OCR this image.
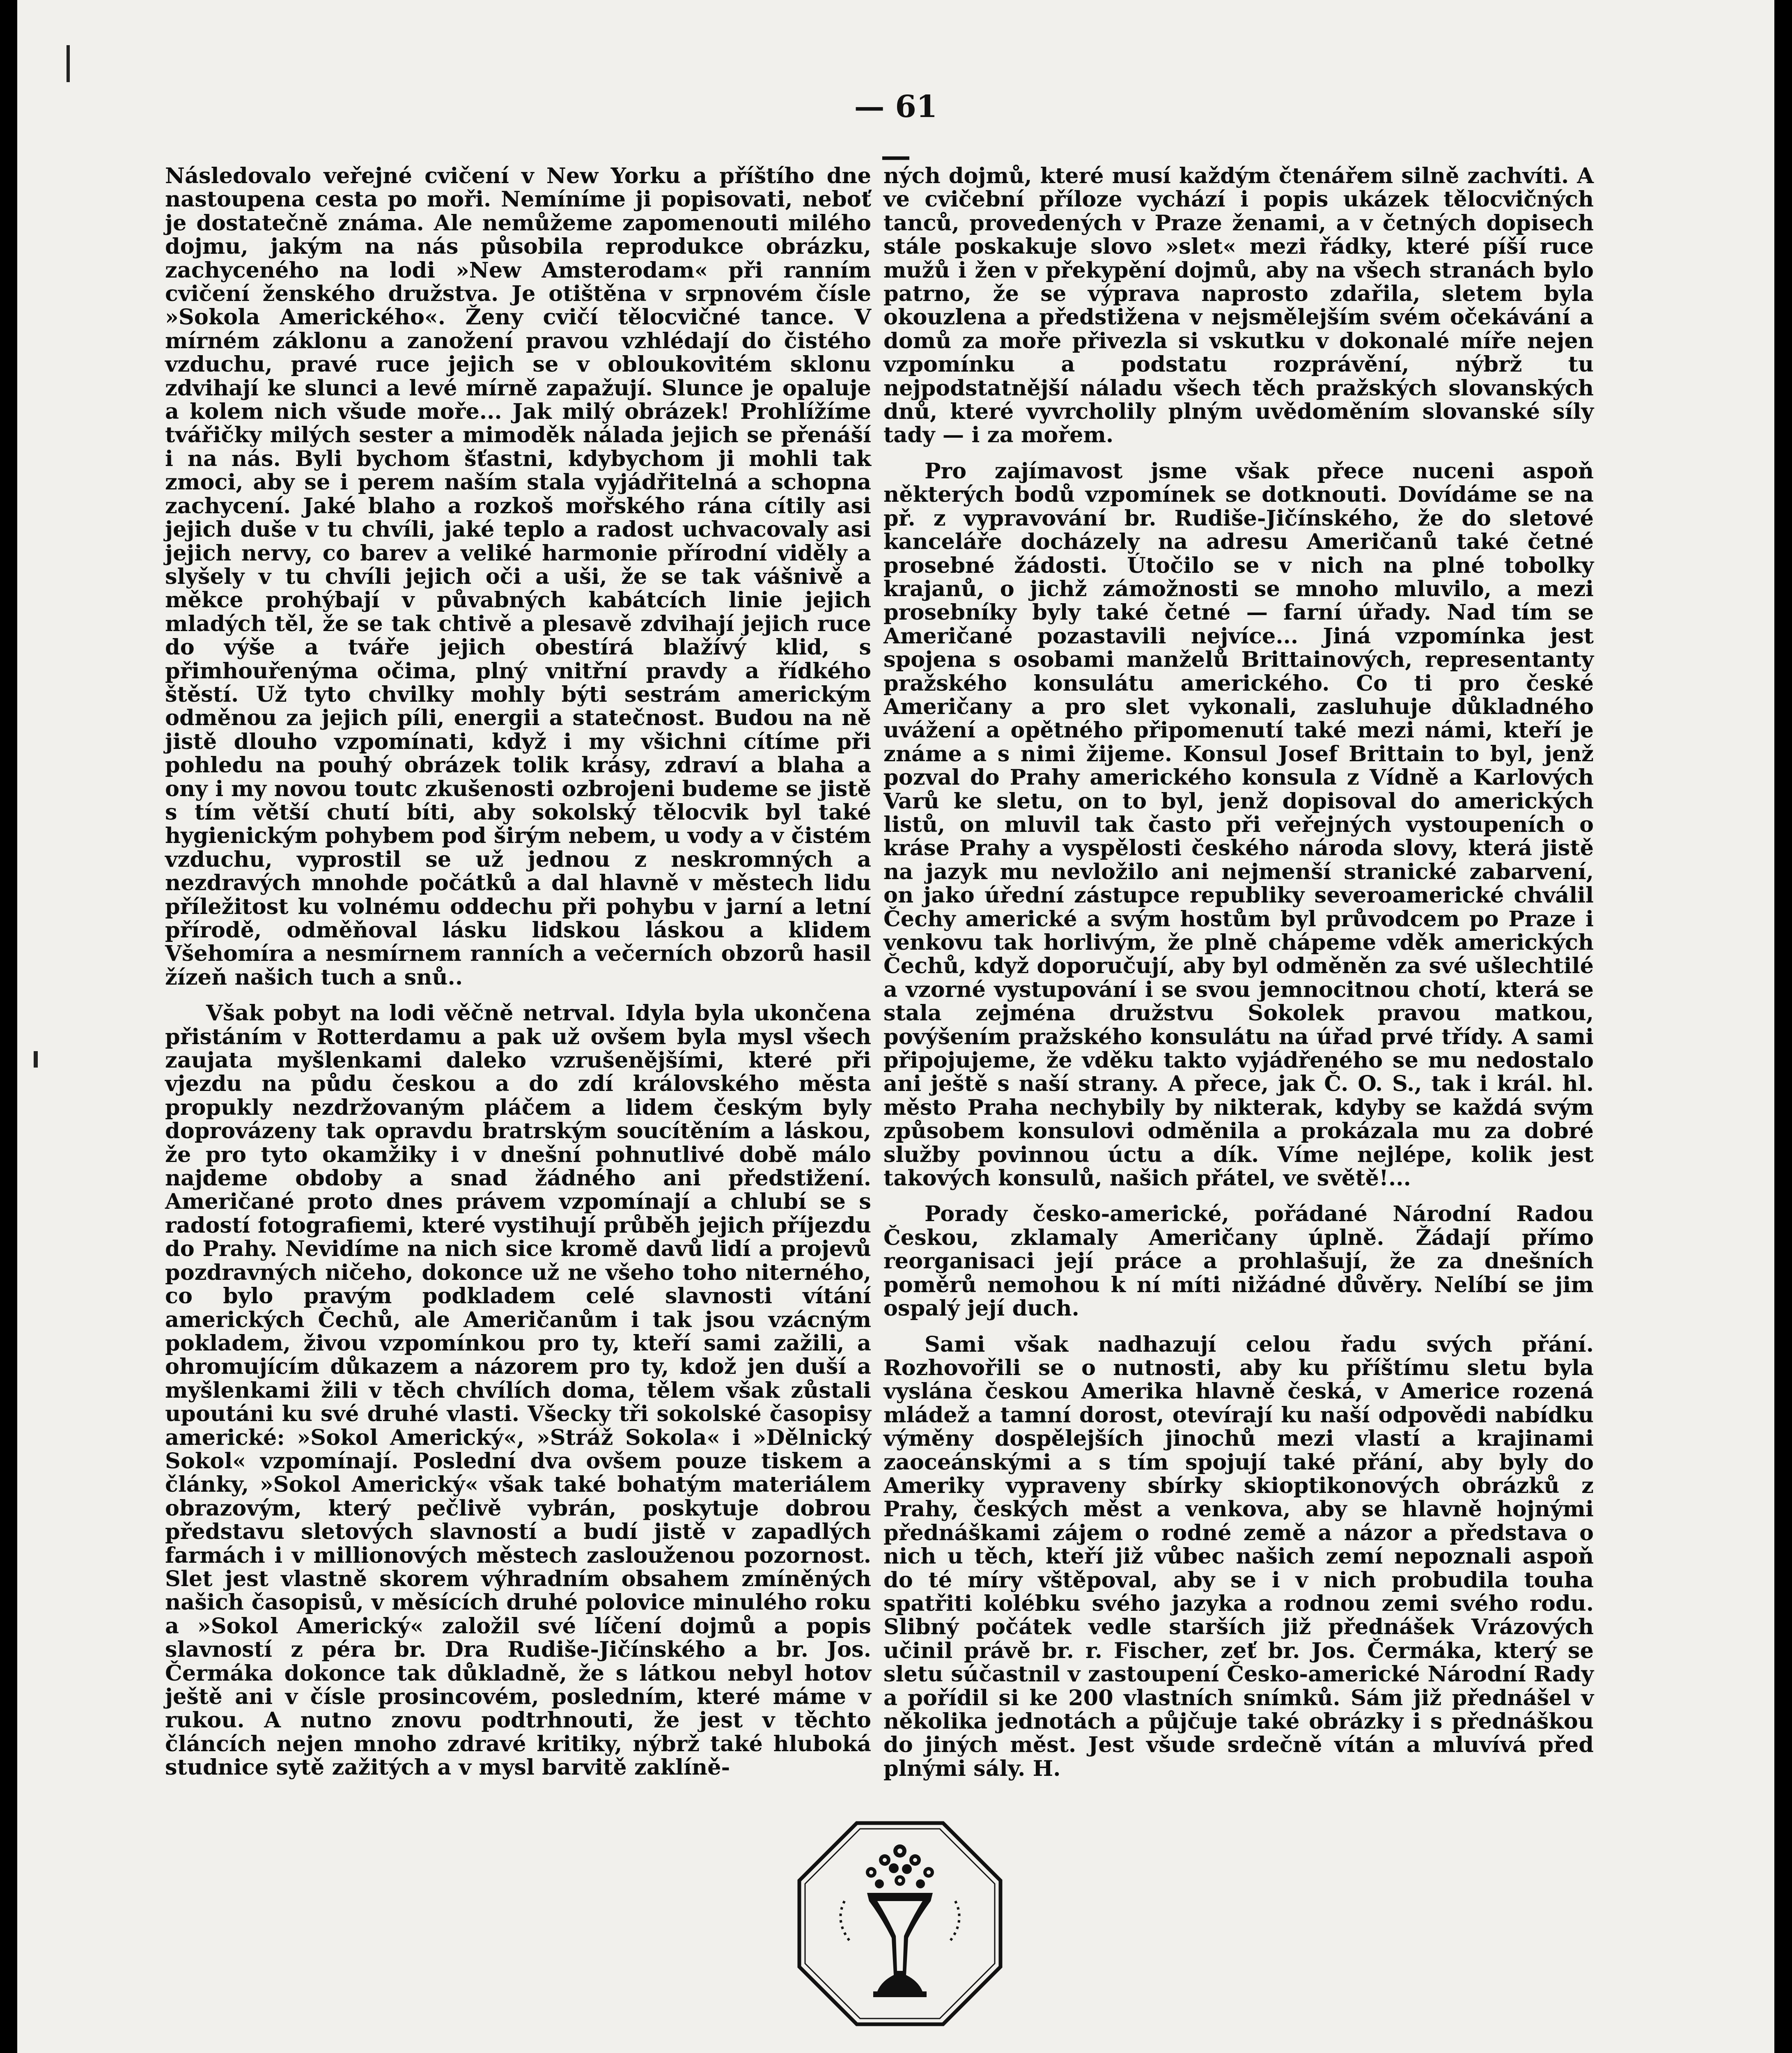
— 61 —

Následovalo veřejné cvičení v New Yorku a příštího dne nastoupena cesta po moři. Nemíníme ji popisovati, neboť je dostatečně známa. Ale nemůžeme zapomenouti milého dojmu, jakým na nás působila reprodukce obrázku, zachyceného na lodi »New Amsterodam« při ranním cvičení ženského družstva. Je otištěna v srpnovém čísle »Sokola Amerického«. Ženy cvičí tělocvičné tance. V mírném záklonu a zanožení pravou vzhlédají do čistého vzduchu, pravé ruce jejich se v obloukovitém sklonu zdvihají ke slunci a levé mírně zapažují. Slunce je opaluje a kolem nich všude moře... Jak milý obrázek! Prohlížíme tvářičky milých sester a mimoděk nálada jejich se přenáší i na nás. Byli bychom šťastni, kdybychom ji mohli tak zmoci, aby se i perem naším stala vyjádřitelná a schopna zachycení. Jaké blaho a rozkoš mořského rána cítily asi jejich duše v tu chvíli, jaké teplo a radost uchvacovaly asi jejich nervy, co barev a veliké harmonie přírodní viděly a slyšely v tu chvíli jejich oči a uši, že se tak vášnivě a měkce prohýbají v půvabných kabátcích linie jejich mladých těl, že se tak chtivě a plesavě zdvihají jejich ruce do výše a tváře jejich obestírá blažívý klid, s přimhouřenýma očima, plný vnitřní pravdy a řídkého štěstí. Už tyto chvilky mohly býti sestrám americkým odměnou za jejich píli, energii a statečnost. Budou na ně jistě dlouho vzpomínati, když i my všichni cítíme při pohledu na pouhý obrázek tolik krásy, zdraví a blaha a ony i my novou toutc zkušenosti ozbrojeni budeme se jistě s tím větší chutí bíti, aby sokolský tělocvik byl také hygienickým pohybem pod širým nebem, u vody a v čistém vzduchu, vyprostil se už jednou z neskromných a nezdravých mnohde počátků a dal hlavně v městech lidu příležitost ku volnému oddechu při pohybu v jarní a letní přírodě, odměňoval lásku lidskou láskou a klidem Všehomíra a nesmírnem ranních a večerních obzorů hasil žízeň našich tuch a snů..

Však pobyt na lodi věčně netrval. Idyla byla ukončena přistáním v Rotterdamu a pak už ovšem byla mysl všech zaujata myšlenkami daleko vzrušenějšími, které při vjezdu na půdu českou a do zdí královského města propukly nezdržovaným pláčem a lidem českým byly doprovázeny tak opravdu bratrským soucítěním a láskou, že pro tyto okamžiky i v dnešní pohnutlivé době málo najdeme obdoby a snad žádného ani předstižení. Američané proto dnes právem vzpomínají a chlubí se s radostí fotografiemi, které vystihují průběh jejich příjezdu do Prahy. Nevidíme na nich sice kromě davů lidí a projevů pozdravných ničeho, dokonce už ne všeho toho niterného, co bylo pravým podkladem celé slavnosti vítání amerických Čechů, ale Američanům i tak jsou vzácným pokladem, živou vzpomínkou pro ty, kteří sami zažili, a ohromujícím důkazem a názorem pro ty, kdož jen duší a myšlenkami žili v těch chvílích doma, tělem však zůstali upoutáni ku své druhé vlasti. Všecky tři sokolské časopisy americké: »Sokol Americký«, »Stráž Sokola« i »Dělnický Sokol« vzpomínají. Poslední dva ovšem pouze tiskem a články, »Sokol Americký« však také bohatým materiálem obrazovým, který pečlivě vybrán, poskytuje dobrou představu sletových slavností a budí jistě v zapadlých farmách i v millionových městech zaslouženou pozornost. Slet jest vlastně skorem výhradním obsahem zmíněných našich časopisů, v měsících druhé polovice minulého roku a »Sokol Americký« založil své líčení dojmů a popis slavností z péra br. Dra Rudiše-Jičínského a br. Jos. Čermáka dokonce tak důkladně, že s látkou nebyl hotov ještě ani v čísle prosincovém, posledním, které máme v rukou. A nutno znovu podtrhnouti, že jest v těchto článcích nejen mnoho zdravé kritiky, nýbrž také hluboká studnice sytě zažitých a v mysl barvitě zaklíně-

ných dojmů, které musí každým čtenářem silně zachvíti. A ve cvičební příloze vychází i popis ukázek tělocvičných tanců, provedených v Praze ženami, a v četných dopisech stále poskakuje slovo »slet« mezi řádky, které píší ruce mužů i žen v překypění dojmů, aby na všech stranách bylo patrno, že se výprava naprosto zdařila, sletem byla okouzlena a předstižena v nejsmělejším svém očekávání a domů za moře přivezla si vskutku v dokonalé míře nejen vzpomínku a podstatu rozprávění, nýbrž tu nejpodstatnější náladu všech těch pražských slovanských dnů, které vyvrcholily plným uvědoměním slovanské síly tady — i za mořem.

Pro zajímavost jsme však přece nuceni aspoň některých bodů vzpomínek se dotknouti. Dovídáme se na př. z vypravování br. Rudiše-Jičínského, že do sletové kanceláře docházely na adresu Američanů také četné prosebné žádosti. Útočilo se v nich na plné tobolky krajanů, o jichž zámožnosti se mnoho mluvilo, a mezi prosebníky byly také četné — farní úřady. Nad tím se Američané pozastavili nejvíce... Jiná vzpomínka jest spojena s osobami manželů Brittainových, representanty pražského konsulátu amerického. Co ti pro české Američany a pro slet vykonali, zasluhuje důkladného uvážení a opětného připomenutí také mezi námi, kteří je známe a s nimi žijeme. Konsul Josef Brittain to byl, jenž pozval do Prahy amerického konsula z Vídně a Karlových Varů ke sletu, on to byl, jenž dopisoval do amerických listů, on mluvil tak často při veřejných vystoupeních o kráse Prahy a vyspělosti českého národa slovy, která jistě na jazyk mu nevložilo ani nejmenší stranické zabarvení, on jako úřední zástupce republiky severoamerické chválil Čechy americké a svým hostům byl průvodcem po Praze i venkovu tak horlivým, že plně chápeme vděk amerických Čechů, když doporučují, aby byl odměněn za své ušlechtilé a vzorné vystupování i se svou jemnocitnou chotí, která se stala zejména družstvu Sokolek pravou matkou, povýšením pražského konsulátu na úřad prvé třídy. A sami připojujeme, že vděku takto vyjádřeného se mu nedostalo ani ještě s naší strany. A přece, jak Č. O. S., tak i král. hl. město Praha nechybily by nikterak, kdyby se každá svým způsobem konsulovi odměnila a prokázala mu za dobré služby povinnou úctu a dík. Víme nejlépe, kolik jest takových konsulů, našich přátel, ve světě!...

Porady česko-americké, pořádané Národní Radou Českou, zklamaly Američany úplně. Žádají přímo reorganisaci její práce a prohlašují, že za dnešních poměrů nemohou k ní míti nižádné důvěry. Nelíbí se jim ospalý její duch.

Sami však nadhazují celou řadu svých přání. Rozhovořili se o nutnosti, aby ku příštímu sletu byla vyslána českou Amerika hlavně česká, v Americe rozená mládež a tamní dorost, otevírají ku naší odpovědi nabídku výměny dospělejších jinochů mezi vlastí a krajinami zaoceánskými a s tím spojují také přání, aby byly do Ameriky vypraveny sbírky skioptikonových obrázků z Prahy, českých měst a venkova, aby se hlavně hojnými přednáškami zájem o rodné země a názor a představa o nich u těch, kteří již vůbec našich zemí nepoznali aspoň do té míry vštěpoval, aby se i v nich probudila touha spatřiti kolébku svého jazyka a rodnou zemi svého rodu. Slibný počátek vedle starších již přednášek Vrázových učinil právě br. r. Fischer, zeť br. Jos. Čermáka, který se sletu súčastnil v zastoupení Česko-americké Národní Rady a pořídil si ke 200 vlastních snímků. Sám již přednášel v několika jednotách a půjčuje také obrázky i s přednáškou do jiných měst. Jest všude srdečně vítán a mluvívá před plnými sály. H.
